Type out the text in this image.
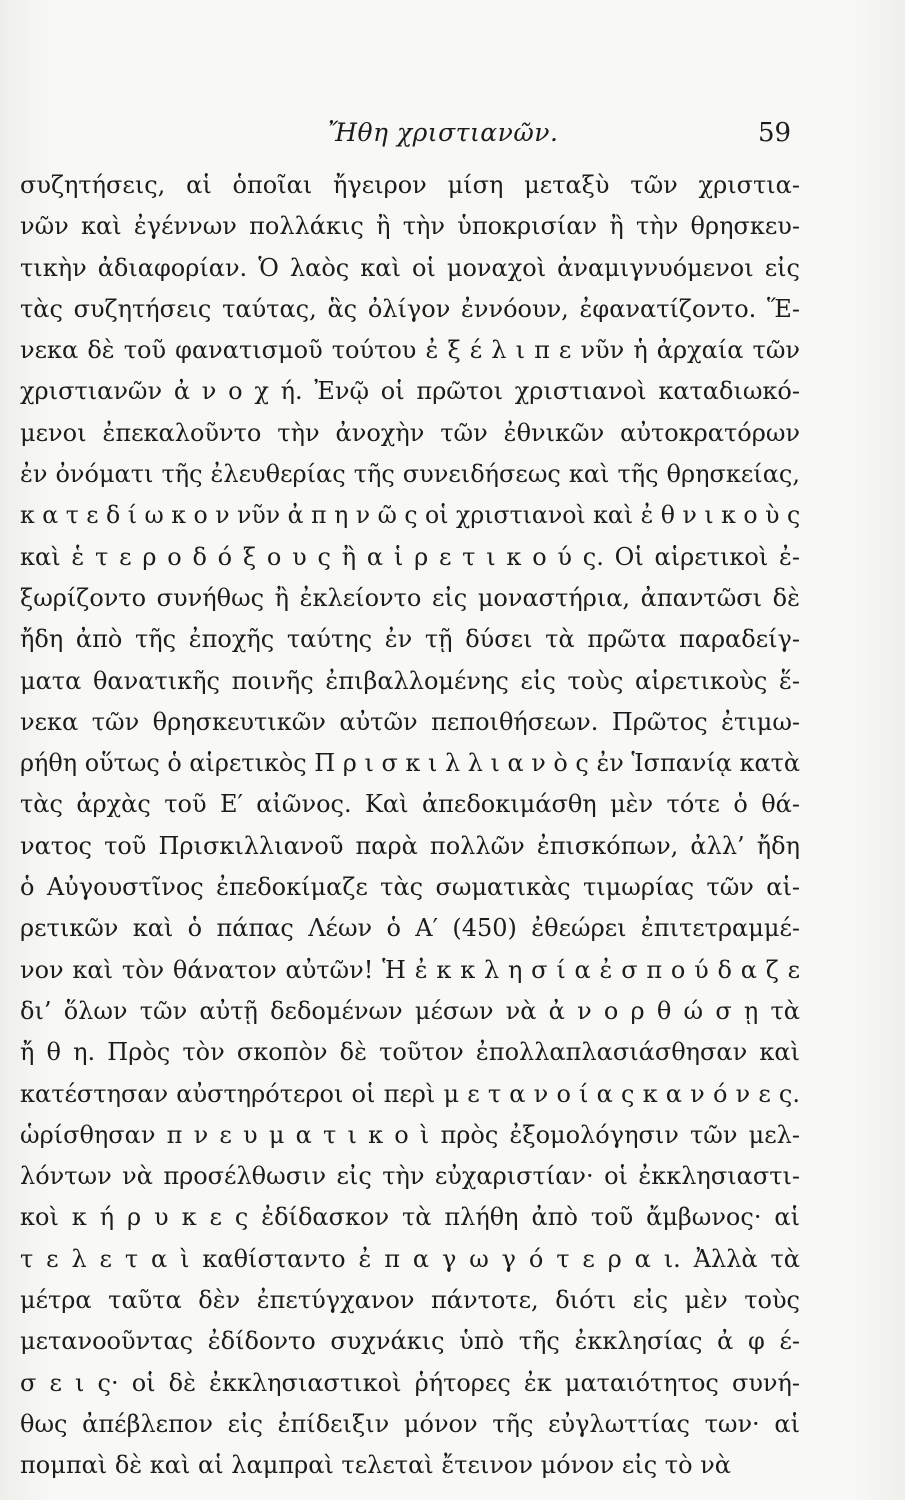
Ἤθη χριστιανῶν.	59
συζητήσεις, αἱ ὁποῖαι ἤγειρον μίση μεταξὺ τῶν χριστια-
νῶν καὶ ἐγέννων πολλάκις ἢ τὴν ὑποκρισίαν ἢ τὴν θρησκευ-
τικὴν ἀδιαφορίαν. Ὁ λαὸς καὶ οἱ μοναχοὶ ἀναμιγνυόμενοι εἰς
τὰς συζητήσεις ταύτας, ἃς ὀλίγον ἐννόουν, ἐφανατίζοντο. Ἕ-
νεκα δὲ τοῦ φανατισμοῦ τούτου ἐ ξ έ λ ι π ε νῦν ἡ ἀρχαία τῶν
χριστιανῶν ἀ ν ο χ ή. Ἐνῷ οἱ πρῶτοι χριστιανοὶ καταδιωκό-
μενοι ἐπεκαλοῦντο τὴν ἀνοχὴν τῶν ἐθνικῶν αὐτοκρατόρων
ἐν ὀνόματι τῆς ἐλευθερίας τῆς συνειδήσεως καὶ τῆς θρησκείας,
κ α τ ε δ ί ω κ ο ν νῦν ἀ π η ν ῶ ς οἱ χριστιανοὶ καὶ ἐ θ ν ι κ ο ὺ ς
καὶ ἑ τ ε ρ ο δ ό ξ ο υ ς ἢ α ἱ ρ ε τ ι κ ο ύ ς. Οἱ αἱρετικοὶ ἐ-
ξωρίζοντο συνήθως ἢ ἐκλείοντο εἰς μοναστήρια, ἀπαντῶσι δὲ
ἤδη ἀπὸ τῆς ἐποχῆς ταύτης ἐν τῇ δύσει τὰ πρῶτα παραδείγ-
ματα θανατικῆς ποινῆς ἐπιβαλλομένης εἰς τοὺς αἱρετικοὺς ἕ-
νεκα τῶν θρησκευτικῶν αὐτῶν πεποιθήσεων. Πρῶτος ἐτιμω-
ρήθη οὕτως ὁ αἱρετικὸς Π ρ ι σ κ ι λ λ ι α ν ὸ ς ἐν Ἱσπανίᾳ κατὰ
τὰς ἀρχὰς τοῦ Ε′ αἰῶνος. Καὶ ἀπεδοκιμάσθη μὲν τότε ὁ θά-
νατος τοῦ Πρισκιλλιανοῦ παρὰ πολλῶν ἐπισκόπων, ἀλλ’ ἤδη
ὁ Αὐγουστῖνος ἐπεδοκίμαζε τὰς σωματικὰς τιμωρίας τῶν αἱ-
ρετικῶν καὶ ὁ πάπας Λέων ὁ Α′ (450) ἐθεώρει ἐπιτετραμμέ-
νον καὶ τὸν θάνατον αὐτῶν! Ἡ ἐ κ κ λ η σ ί α ἐ σ π ο ύ δ α ζ ε
δι’ ὅλων τῶν αὐτῇ δεδομένων μέσων νὰ ἀ ν ο ρ θ ώ σ ῃ τὰ
ἤ θ η. Πρὸς τὸν σκοπὸν δὲ τοῦτον ἐπολλαπλασιάσθησαν καὶ
κατέστησαν αὐστηρότεροι οἱ περὶ μ ε τ α ν ο ί α ς κ α ν ό ν ε ς.
ὡρίσθησαν π ν ε υ μ α τ ι κ ο ὶ πρὸς ἐξομολόγησιν τῶν μελ-
λόντων νὰ προσέλθωσιν εἰς τὴν εὐχαριστίαν· οἱ ἐκκλησιαστι-
κοὶ κ ή ρ υ κ ε ς ἐδίδασκον τὰ πλήθη ἀπὸ τοῦ ἄμβωνος· αἱ
τ ε λ ε τ α ὶ καθίσταντο ἐ π α γ ω γ ό τ ε ρ α ι. Ἀλλὰ τὰ
μέτρα ταῦτα δὲν ἐπετύγχανον πάντοτε, διότι εἰς μὲν τοὺς
μετανοοῦντας ἐδίδοντο συχνάκις ὑπὸ τῆς ἐκκλησίας ἀ φ έ-
σ ε ι ς· οἱ δὲ ἐκκλησιαστικοὶ ῥήτορες ἐκ ματαιότητος συνή-
θως ἀπέβλεπον εἰς ἐπίδειξιν μόνον τῆς εὐγλωττίας των· αἱ
πομπαὶ δὲ καὶ αἱ λαμπραὶ τελεταὶ ἔτεινον μόνον εἰς τὸ νὰ
